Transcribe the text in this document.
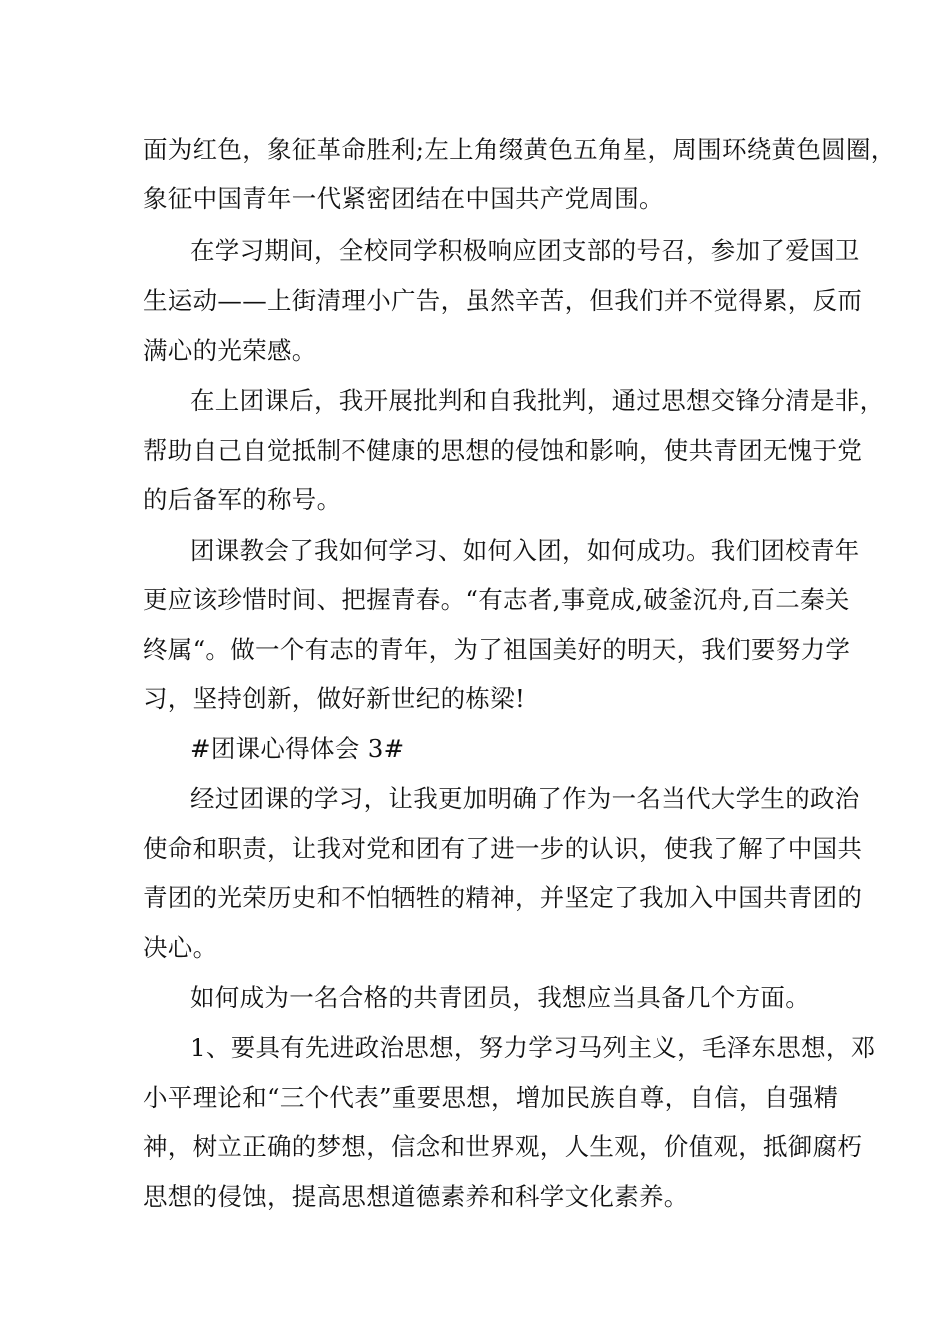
面为红色，象征革命胜利;左上角缀黄色五角星，周围环绕黄色圆圈，
象征中国青年一代紧密团结在中国共产党周围。
在学习期间，全校同学积极响应团支部的号召，参加了爱国卫
生运动——上街清理小广告，虽然辛苦，但我们并不觉得累，反而
满心的光荣感。
在上团课后，我开展批判和自我批判，通过思想交锋分清是非，
帮助自己自觉抵制不健康的思想的侵蚀和影响，使共青团无愧于党
的后备军的称号。
团课教会了我如何学习、如何入团，如何成功。我们团校青年
更应该珍惜时间、把握青春。“有志者,事竟成,破釜沉舟,百二秦关
终属“。做一个有志的青年，为了祖国美好的明天，我们要努力学
习，坚持创新，做好新世纪的栋梁!
#团课心得体会 3#
经过团课的学习，让我更加明确了作为一名当代大学生的政治
使命和职责，让我对党和团有了进一步的认识，使我了解了中国共
青团的光荣历史和不怕牺牲的精神，并坚定了我加入中国共青团的
决心。
如何成为一名合格的共青团员，我想应当具备几个方面。
1、要具有先进政治思想，努力学习马列主义，毛泽东思想，邓
小平理论和“三个代表”重要思想，增加民族自尊，自信，自强精
神，树立正确的梦想，信念和世界观，人生观，价值观，抵御腐朽
思想的侵蚀，提高思想道德素养和科学文化素养。
